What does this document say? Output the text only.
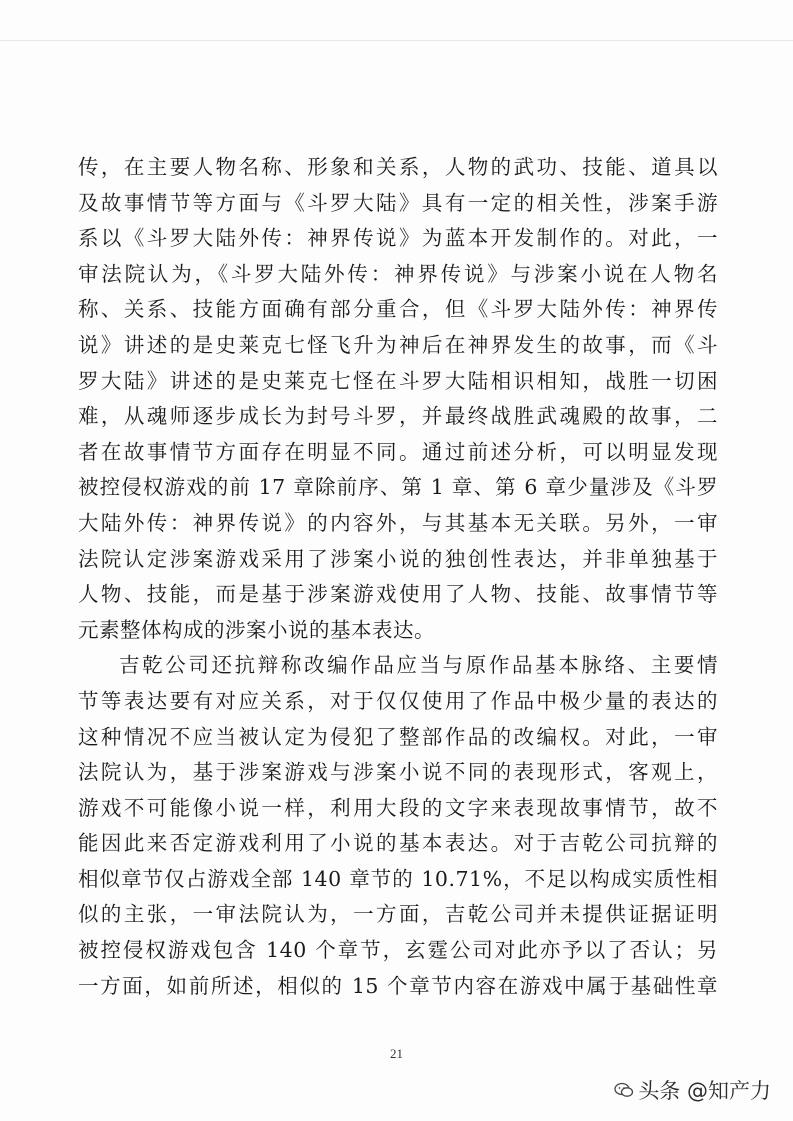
传，在主要人物名称、形象和关系，人物的武功、技能、道具以
及故事情节等方面与《斗罗大陆》具有一定的相关性，涉案手游
系以《斗罗大陆外传：神界传说》为蓝本开发制作的。对此，一
审法院认为，《斗罗大陆外传：神界传说》与涉案小说在人物名
称、关系、技能方面确有部分重合，但《斗罗大陆外传：神界传
说》讲述的是史莱克七怪飞升为神后在神界发生的故事，而《斗
罗大陆》讲述的是史莱克七怪在斗罗大陆相识相知，战胜一切困
难，从魂师逐步成长为封号斗罗，并最终战胜武魂殿的故事，二
者在故事情节方面存在明显不同。通过前述分析，可以明显发现
被控侵权游戏的前 17 章除前序、第 1 章、第 6 章少量涉及《斗罗
大陆外传：神界传说》的内容外，与其基本无关联。另外，一审
法院认定涉案游戏采用了涉案小说的独创性表达，并非单独基于
人物、技能，而是基于涉案游戏使用了人物、技能、故事情节等
元素整体构成的涉案小说的基本表达。
吉乾公司还抗辩称改编作品应当与原作品基本脉络、主要情
节等表达要有对应关系，对于仅仅使用了作品中极少量的表达的
这种情况不应当被认定为侵犯了整部作品的改编权。对此，一审
法院认为，基于涉案游戏与涉案小说不同的表现形式，客观上，
游戏不可能像小说一样，利用大段的文字来表现故事情节，故不
能因此来否定游戏利用了小说的基本表达。对于吉乾公司抗辩的
相似章节仅占游戏全部 140 章节的 10.71%，不足以构成实质性相
似的主张，一审法院认为，一方面，吉乾公司并未提供证据证明
被控侵权游戏包含 140 个章节，玄霆公司对此亦予以了否认；另
一方面，如前所述，相似的 15 个章节内容在游戏中属于基础性章
21
头条 @知产力
